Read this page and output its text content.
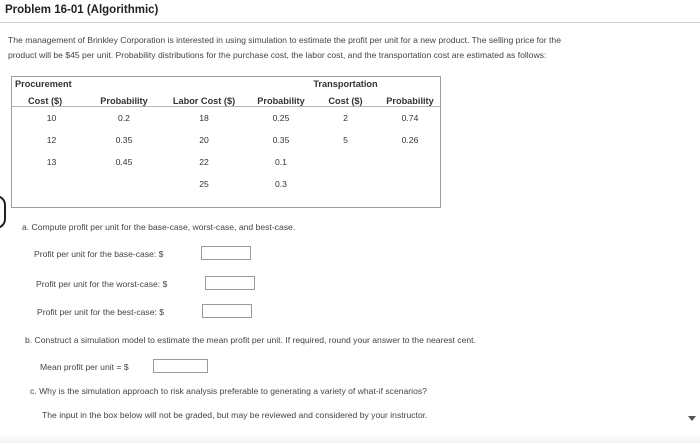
Problem 16-01 (Algorithmic)
The management of Brinkley Corporation is interested in using simulation to estimate the profit per unit for a new product. The selling price for the
product will be $45 per unit. Probability distributions for the purchase cost, the labor cost, and the transportation cost are estimated as follows:
Procurement				Transportation	
Cost ($)	Probability	Labor Cost ($)	Probability	Cost ($)	Probability
10	0.2	18	0.25	2	0.74
12	0.35	20	0.35	5	0.26
13	0.45	22	0.1		
		25	0.3		
a. Compute profit per unit for the base-case, worst-case, and best-case.
Profit per unit for the base-case: $
Profit per unit for the worst-case: $
Profit per unit for the best-case: $
b. Construct a simulation model to estimate the mean profit per unit. If required, round your answer to the nearest cent.
Mean profit per unit = $
c. Why is the simulation approach to risk analysis preferable to generating a variety of what-if scenarios?
The input in the box below will not be graded, but may be reviewed and considered by your instructor.
